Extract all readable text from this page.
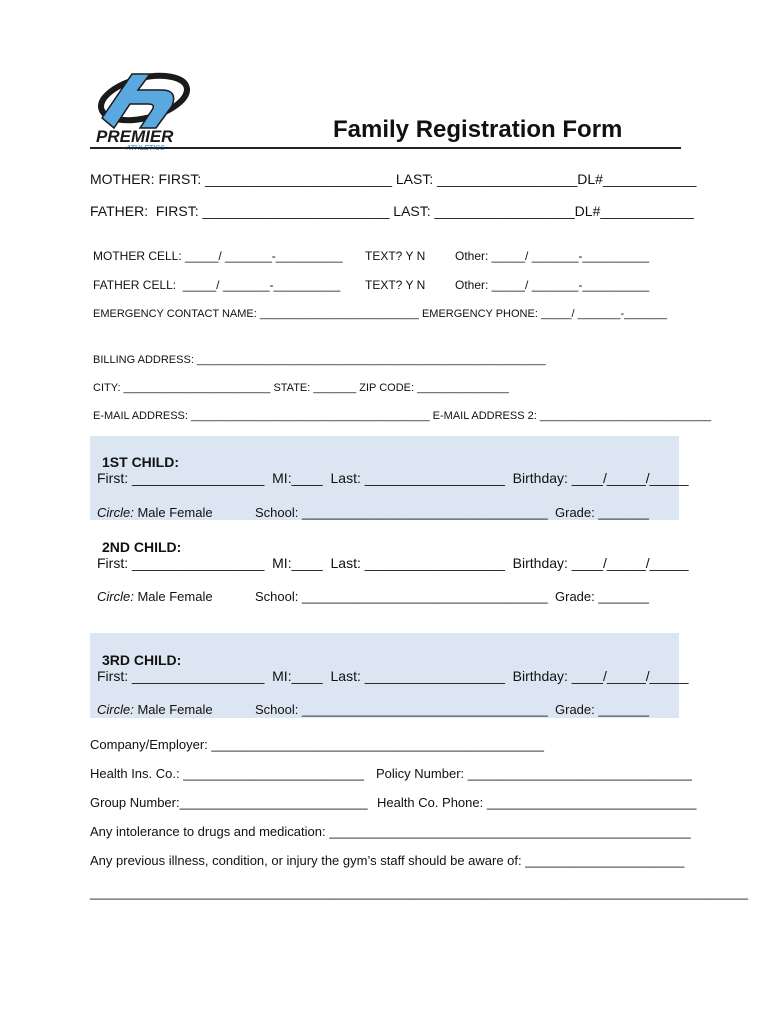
PREMIER	Family Registration Form
MOTHER: FIRST: ________________________ LAST: __________________DL#____________
FATHER:  FIRST: ________________________ LAST: __________________DL#____________
MOTHER CELL: _____/ _______-__________ TEXT? Y N Other: _____/ _______-__________
FATHER CELL:  _____/ _______-__________ TEXT? Y N Other: _____/ _______-__________
EMERGENCY CONTACT NAME: __________________________ EMERGENCY PHONE: _____/ _______-_______
BILLING ADDRESS: _________________________________________________________
CITY: ________________________ STATE: _______ ZIP CODE: _______________
E-MAIL ADDRESS: _______________________________________ E-MAIL ADDRESS 2: ____________________________
1ST CHILD:
First: _________________  MI:____  Last: __________________  Birthday: ____/_____/_____
Circle: Male Female	School: __________________________________  Grade: _______
2ND CHILD:
First: _________________  MI:____  Last: __________________  Birthday: ____/_____/_____
Circle: Male Female	School: __________________________________  Grade: _______
3RD CHILD:
First: _________________  MI:____  Last: __________________  Birthday: ____/_____/_____
Circle: Male Female	School: __________________________________  Grade: _______
Company/Employer: ______________________________________________
Health Ins. Co.: _________________________ Policy Number: _______________________________
Group Number:__________________________ Health Co. Phone: _____________________________
Any intolerance to drugs and medication: __________________________________________________
Any previous illness, condition, or injury the gym’s staff should be aware of: ______________________
___________________________________________________________________________________________
